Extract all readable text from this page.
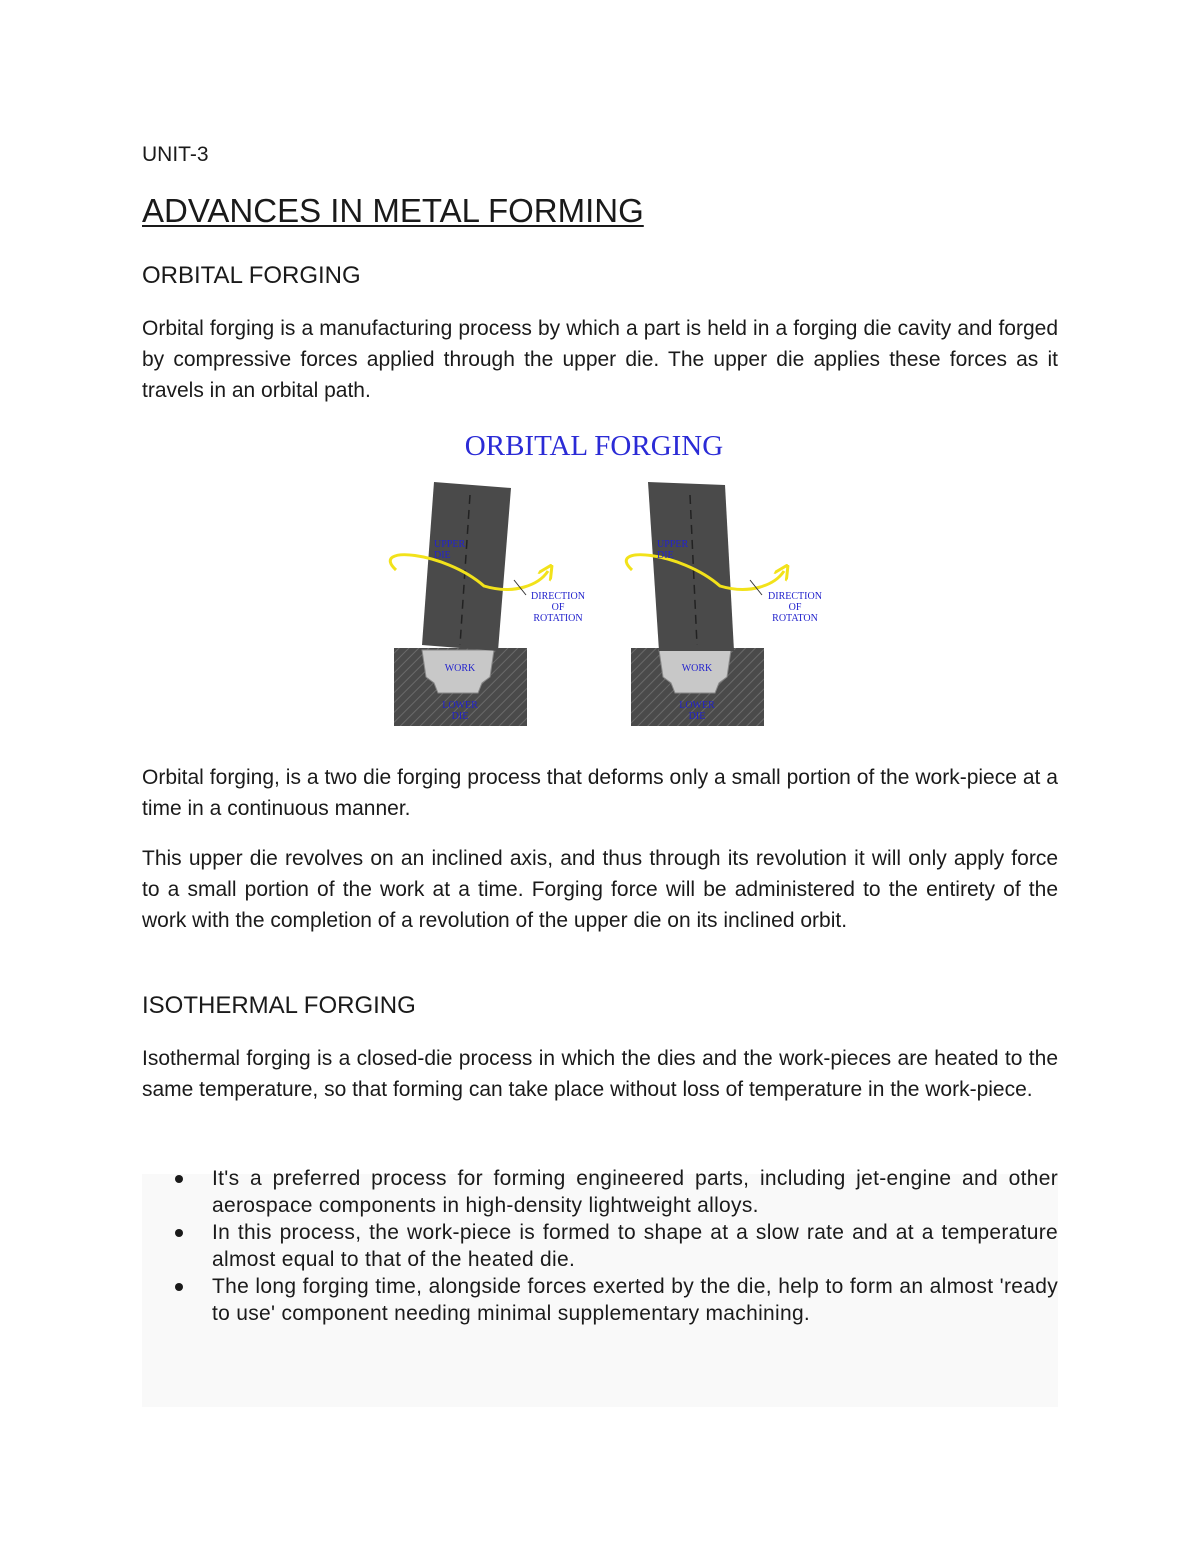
UNIT-3
ADVANCES IN METAL FORMING
ORBITAL FORGING

Orbital forging is a manufacturing process by which a part is held in a forging die cavity and forged by compressive forces applied through the upper die. The upper die applies these forces as it travels in an orbital path.

ORBITAL FORGING
UPPER
DIE
DIRECTION
OF
ROTATION
WORK
LOWER
DIE
UPPER
DIE
DIRECTION
OF
ROTATON
WORK
LOWER
DIE

Orbital forging, is a two die forging process that deforms only a small portion of the work-piece at a time in a continuous manner.

This upper die revolves on an inclined axis, and thus through its revolution it will only apply force to a small portion of the work at a time. Forging force will be administered to the entirety of the work with the completion of a revolution of the upper die on its inclined orbit.

ISOTHERMAL FORGING

Isothermal forging is a closed-die process in which the dies and the work-pieces are heated to the same temperature, so that forming can take place without loss of temperature in the work-piece.

It's a preferred process for forming engineered parts, including jet-engine and other aerospace components in high-density lightweight alloys.
In this process, the work-piece is formed to shape at a slow rate and at a temperature almost equal to that of the heated die.
The long forging time, alongside forces exerted by the die, help to form an almost 'ready to use' component needing minimal supplementary machining.
